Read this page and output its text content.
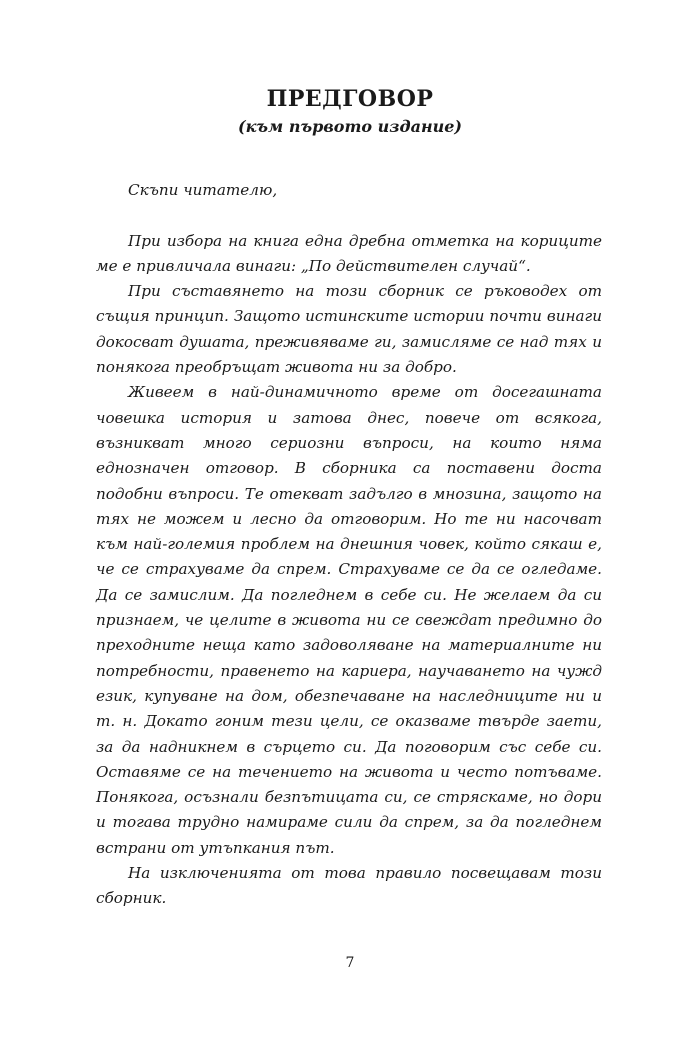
ПРЕДГОВОР
(към първото издание)

Скъпи читателю,

При избора на книга една дребна отметка на кориците ме е привличала винаги: „По действителен случай“.

При съставянето на този сборник се ръководех от същия принцип. Защото истинските истории почти винаги докосват душата, преживяваме ги, замисляме се над тях и понякога преобръщат живота ни за добро.

Живеем в най-динамичното време от досегашната човешка история и затова днес, повече от всякога, възникват много сериозни въпроси, на които няма еднозначен отговор. В сборника са поставени доста подобни въпроси. Те отекват задълго в мнозина, защото на тях не можем и лесно да отговорим. Но те ни насочват към най-големия проблем на днешния човек, който сякаш е, че се страхуваме да спрем. Страхуваме се да се огледаме. Да се замислим. Да погледнем в себе си. Не желаем да си признаем, че целите в живота ни се свеждат предимно до преходните неща като задоволяване на материалните ни потребности, правенето на кариера, научаването на чужд език, купуване на дом, обезпечаване на наследниците ни и т. н. Докато гоним тези цели, се оказваме твърде заети, за да надникнем в сърцето си. Да поговорим със себе си. Оставяме се на течението на живота и често потъваме. Понякога, осъзнали безпътицата си, се стряскаме, но дори и тогава трудно намираме сили да спрем, за да погледнем встрани от утъпкания път.

На изключенията от това правило посвещавам този сборник.

7
